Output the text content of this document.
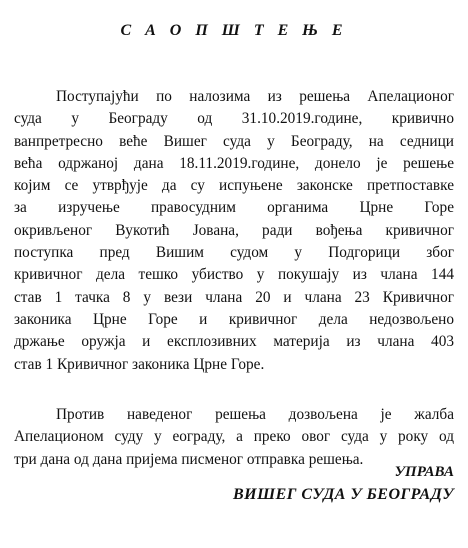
С А О П Ш Т Е Њ Е
Поступајући по налозима из решења Апелационог
суда у Београду од 31.10.2019.године, кривично
ванпретресно веће Вишег суда у Београду, на седници
већа одржаној дана 18.11.2019.године, донело је решење
којим се утврђује да су испуњене законске претпоставке
за изручење правосудним органима Црне Горе
окривљеног Вукотић Јована, ради вођења кривичног
поступка пред Вишим судом у Подгорици због
кривичног дела тешко убиство у покушају из члана 144
став 1 тачка 8 у вези члана 20 и члана 23 Кривичног
законика Црне Горе и кривичног дела недозвољено
држање оружја и експлозивних материја из члана 403
став 1 Кривичног законика Црне Горе.
Против наведеног решења дозвољена је жалба
Апелационом суду у еограду, а преко овог суда у року од
три дана од дана пријема писменог отправка решења.
УПРАВА
ВИШЕГ СУДА У БЕОГРАДУ
